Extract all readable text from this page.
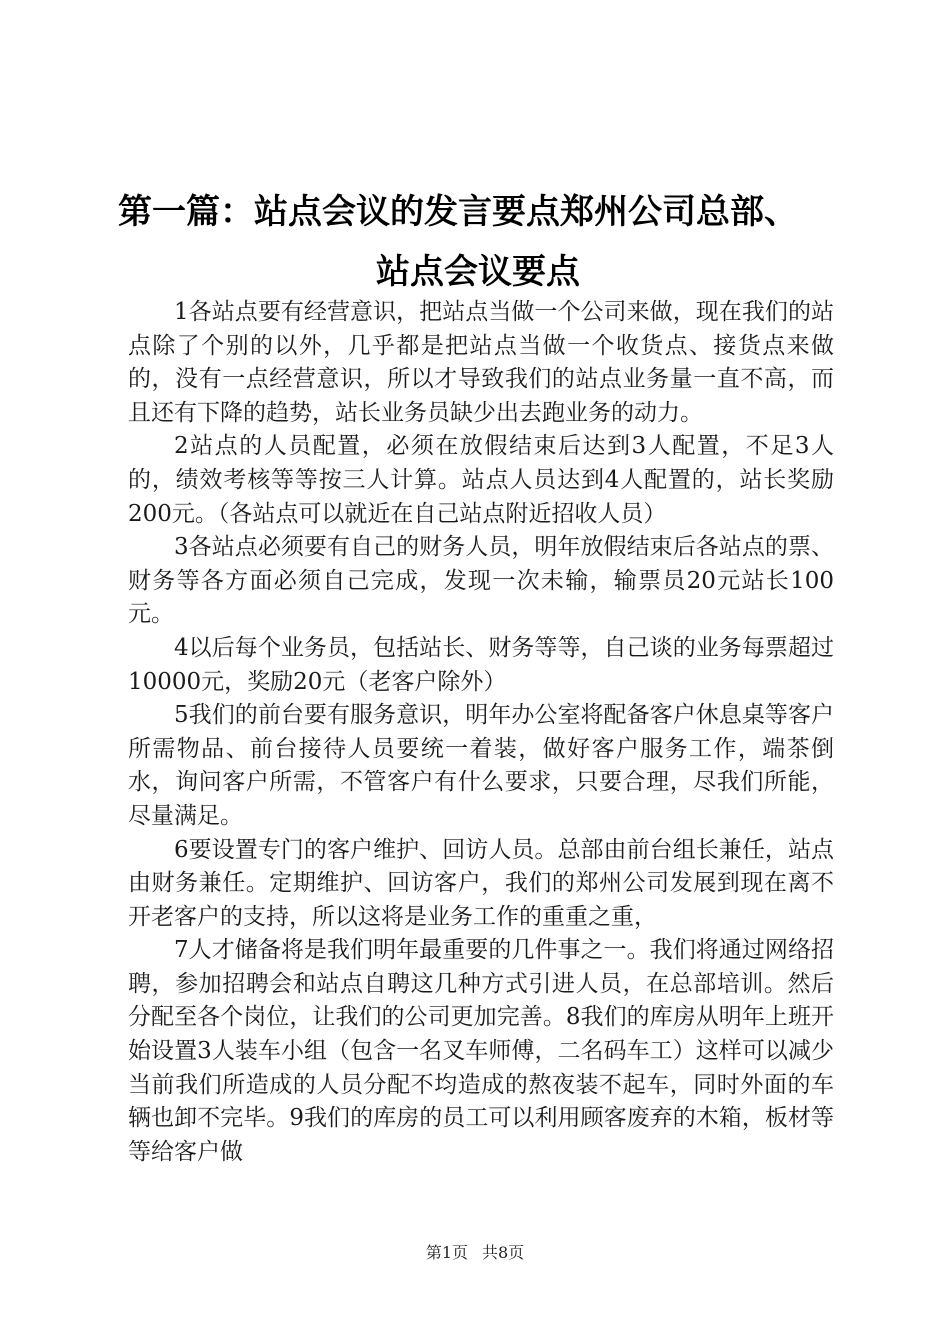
第一篇：站点会议的发言要点郑州公司总部、
站点会议要点

1各站点要有经营意识，把站点当做一个公司来做，现在我们的站点除了个别的以外，几乎都是把站点当做一个收货点、接货点来做的，没有一点经营意识，所以才导致我们的站点业务量一直不高，而且还有下降的趋势，站长业务员缺少出去跑业务的动力。

2站点的人员配置，必须在放假结束后达到3人配置，不足3人的，绩效考核等等按三人计算。站点人员达到4人配置的，站长奖励200元。（各站点可以就近在自己站点附近招收人员）

3各站点必须要有自己的财务人员，明年放假结束后各站点的票、财务等各方面必须自己完成，发现一次未输，输票员20元站长100元。

4以后每个业务员，包括站长、财务等等，自己谈的业务每票超过10000元，奖励20元（老客户除外）

5我们的前台要有服务意识，明年办公室将配备客户休息桌等客户所需物品、前台接待人员要统一着装，做好客户服务工作，端茶倒水，询问客户所需，不管客户有什么要求，只要合理，尽我们所能，尽量满足。

6要设置专门的客户维护、回访人员。总部由前台组长兼任，站点由财务兼任。定期维护、回访客户，我们的郑州公司发展到现在离不开老客户的支持，所以这将是业务工作的重重之重，

7人才储备将是我们明年最重要的几件事之一。我们将通过网络招聘，参加招聘会和站点自聘这几种方式引进人员，在总部培训。然后分配至各个岗位，让我们的公司更加完善。8我们的库房从明年上班开始设置3人装车小组（包含一名叉车师傅，二名码车工）这样可以减少当前我们所造成的人员分配不均造成的熬夜装不起车，同时外面的车辆也卸不完毕。9我们的库房的员工可以利用顾客废弃的木箱，板材等等给客户做

第1页 共8页
